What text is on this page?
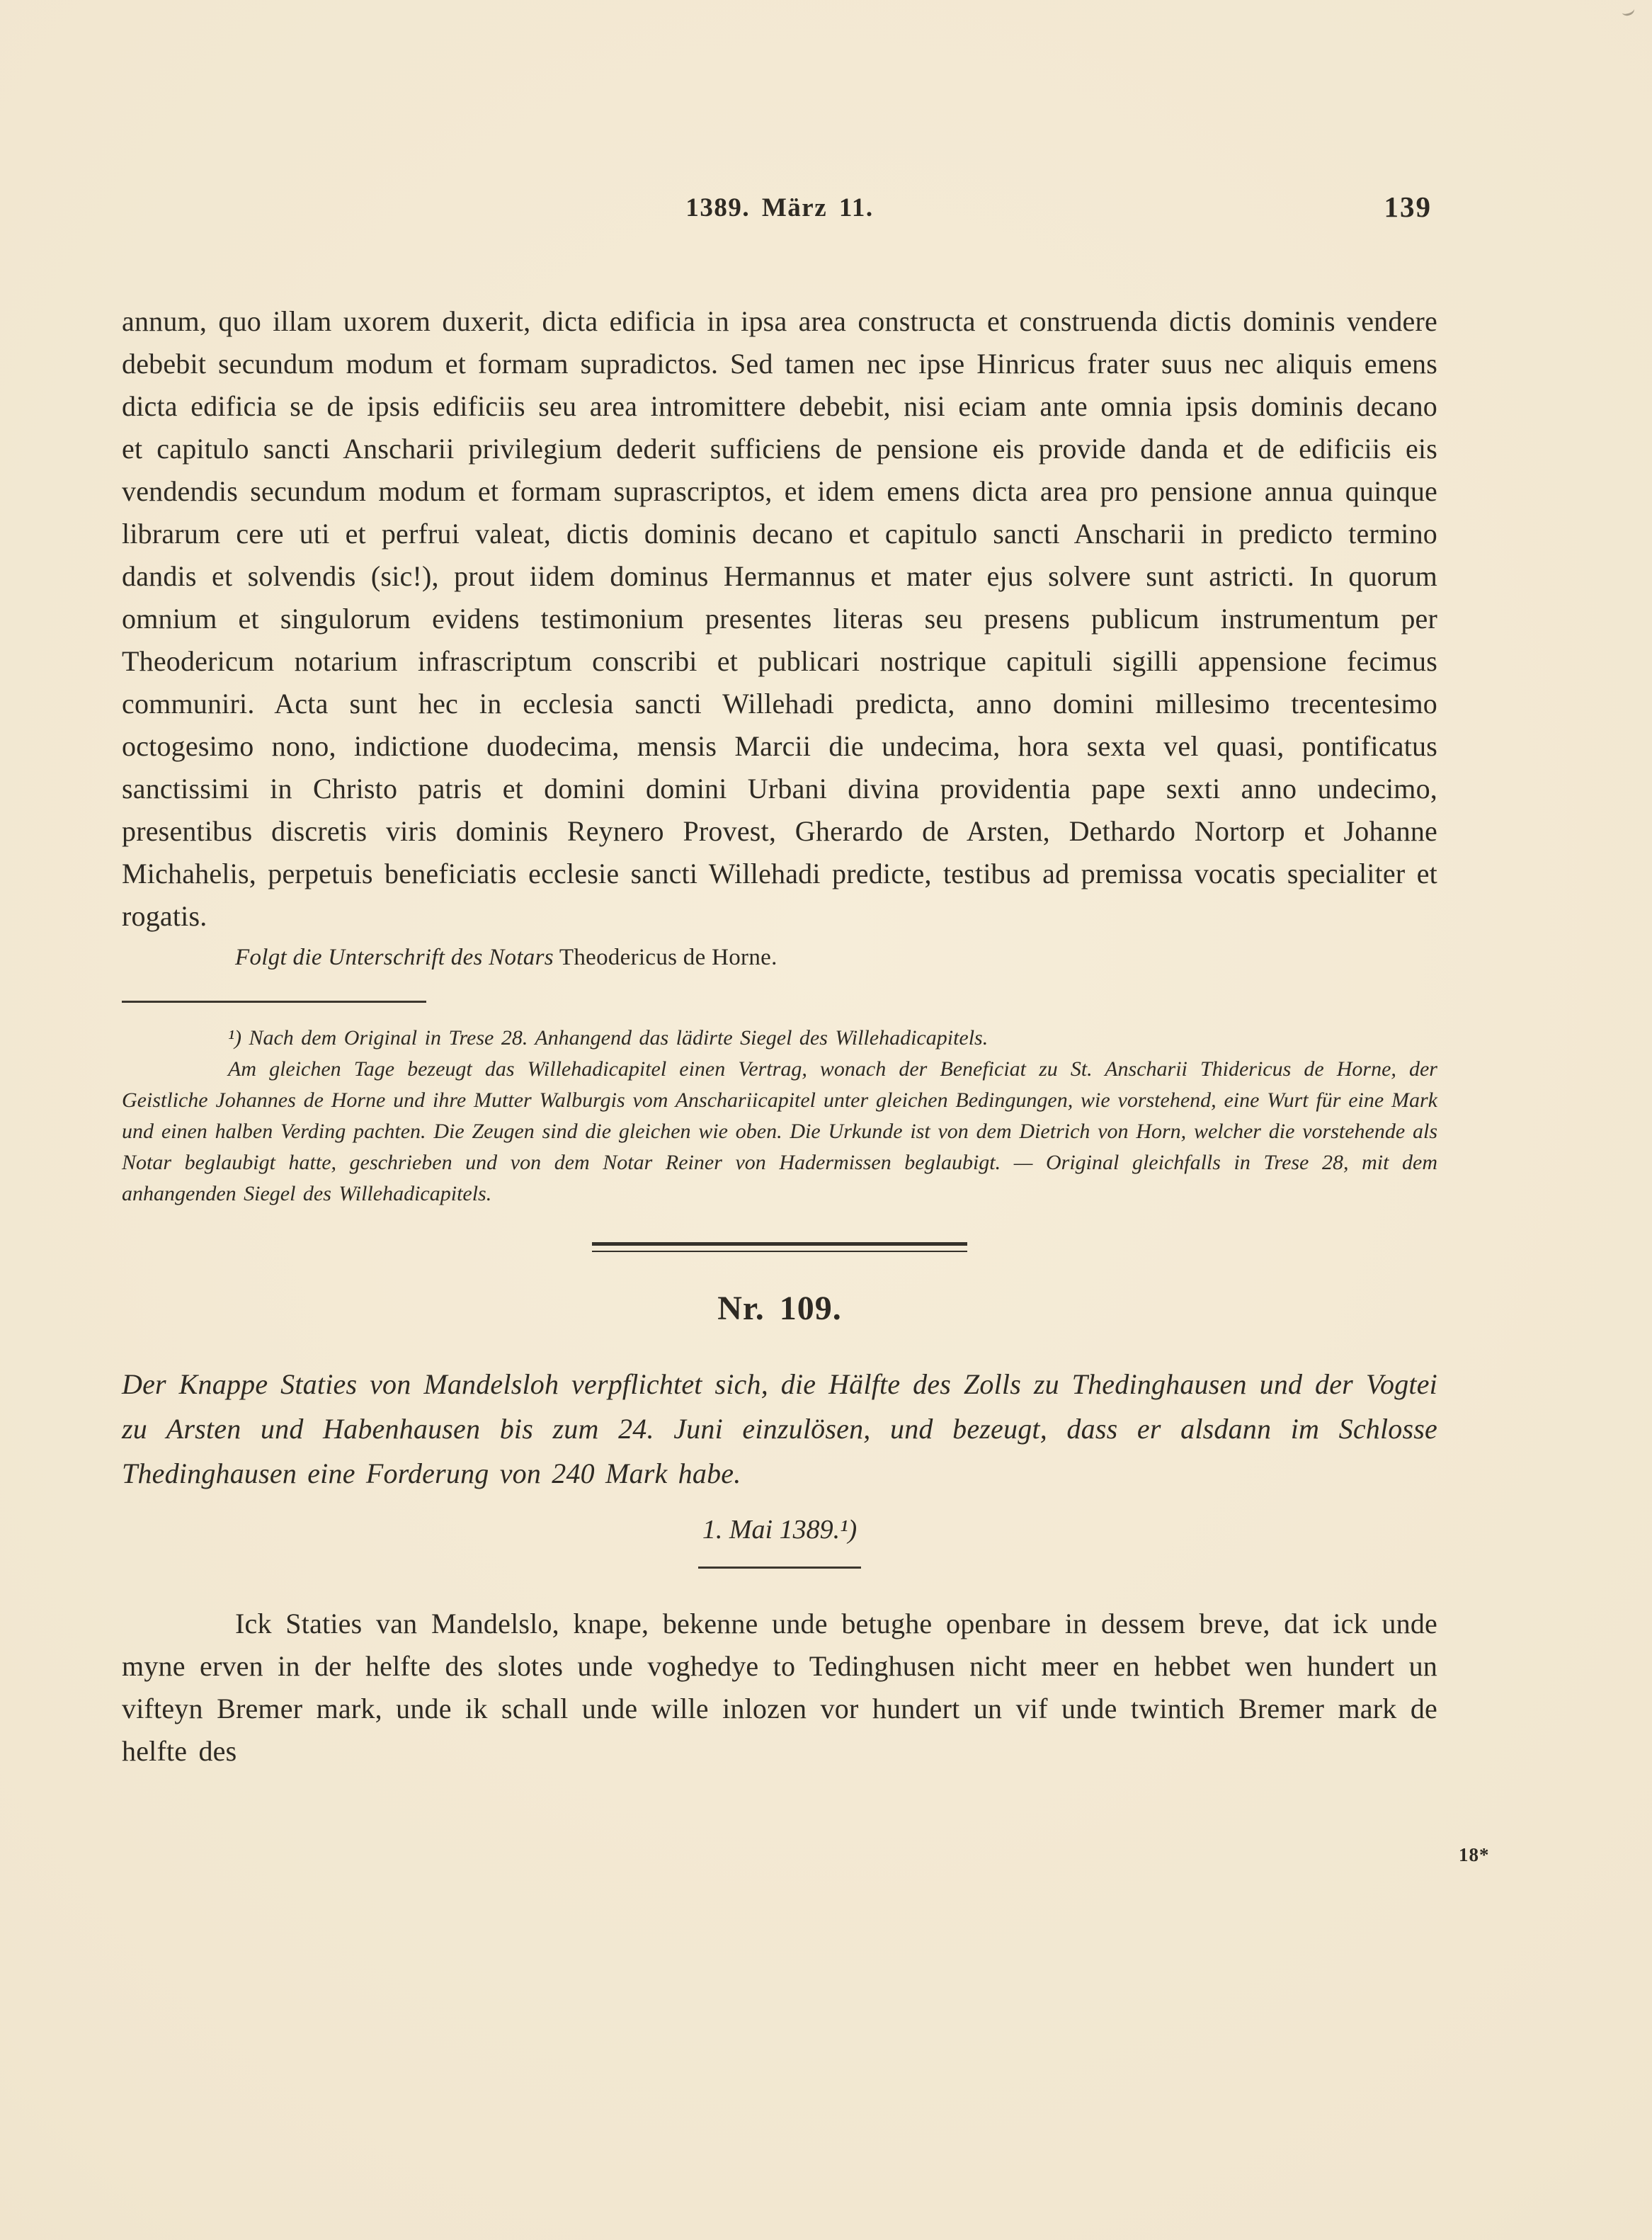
1389. März 11.	139

annum, quo illam uxorem duxerit, dicta edificia in ipsa area constructa et construenda dictis dominis vendere debebit secundum modum et formam supradictos. Sed tamen nec ipse Hinricus frater suus nec aliquis emens dicta edificia se de ipsis edificiis seu area intromittere debebit, nisi eciam ante omnia ipsis dominis decano et capitulo sancti Anscharii privilegium dederit sufficiens de pensione eis provide danda et de edificiis eis vendendis secundum modum et formam suprascriptos, et idem emens dicta area pro pensione annua quinque librarum cere uti et perfrui valeat, dictis dominis decano et capitulo sancti Anscharii in predicto termino dandis et solvendis (sic!), prout iidem dominus Hermannus et mater ejus solvere sunt astricti. In quorum omnium et singulorum evidens testimonium presentes literas seu presens publicum instrumentum per Theodericum notarium infrascriptum conscribi et publicari nostrique capituli sigilli appensione fecimus communiri. Acta sunt hec in ecclesia sancti Willehadi predicta, anno domini millesimo trecentesimo octogesimo nono, indictione duodecima, mensis Marcii die undecima, hora sexta vel quasi, pontificatus sanctissimi in Christo patris et domini domini Urbani divina providentia pape sexti anno undecimo, presentibus discretis viris dominis Reynero Provest, Gherardo de Arsten, Dethardo Nortorp et Johanne Michahelis, perpetuis beneficiatis ecclesie sancti Willehadi predicte, testibus ad premissa vocatis specialiter et rogatis.

Folgt die Unterschrift des Notars Theodericus de Horne.

¹) Nach dem Original in Trese 28. Anhangend das lädirte Siegel des Willehadicapitels.

Am gleichen Tage bezeugt das Willehadicapitel einen Vertrag, wonach der Beneficiat zu St. Anscharii Thidericus de Horne, der Geistliche Johannes de Horne und ihre Mutter Walburgis vom Anschariicapitel unter gleichen Bedingungen, wie vorstehend, eine Wurt für eine Mark und einen halben Verding pachten. Die Zeugen sind die gleichen wie oben. Die Urkunde ist von dem Dietrich von Horn, welcher die vorstehende als Notar beglaubigt hatte, geschrieben und von dem Notar Reiner von Hadermissen beglaubigt. — Original gleichfalls in Trese 28, mit dem anhangenden Siegel des Willehadicapitels.

Nr. 109.

Der Knappe Staties von Mandelsloh verpflichtet sich, die Hälfte des Zolls zu Thedinghausen und der Vogtei zu Arsten und Habenhausen bis zum 24. Juni einzulösen, und bezeugt, dass er alsdann im Schlosse Thedinghausen eine Forderung von 240 Mark habe.

1. Mai 1389.¹)

Ick Staties van Mandelslo, knape, bekenne unde betughe openbare in dessem breve, dat ick unde myne erven in der helfte des slotes unde voghedye to Tedinghusen nicht meer en hebbet wen hundert un vifteyn Bremer mark, unde ik schall unde wille inlozen vor hundert un vif unde twintich Bremer mark de helfte des

18*
